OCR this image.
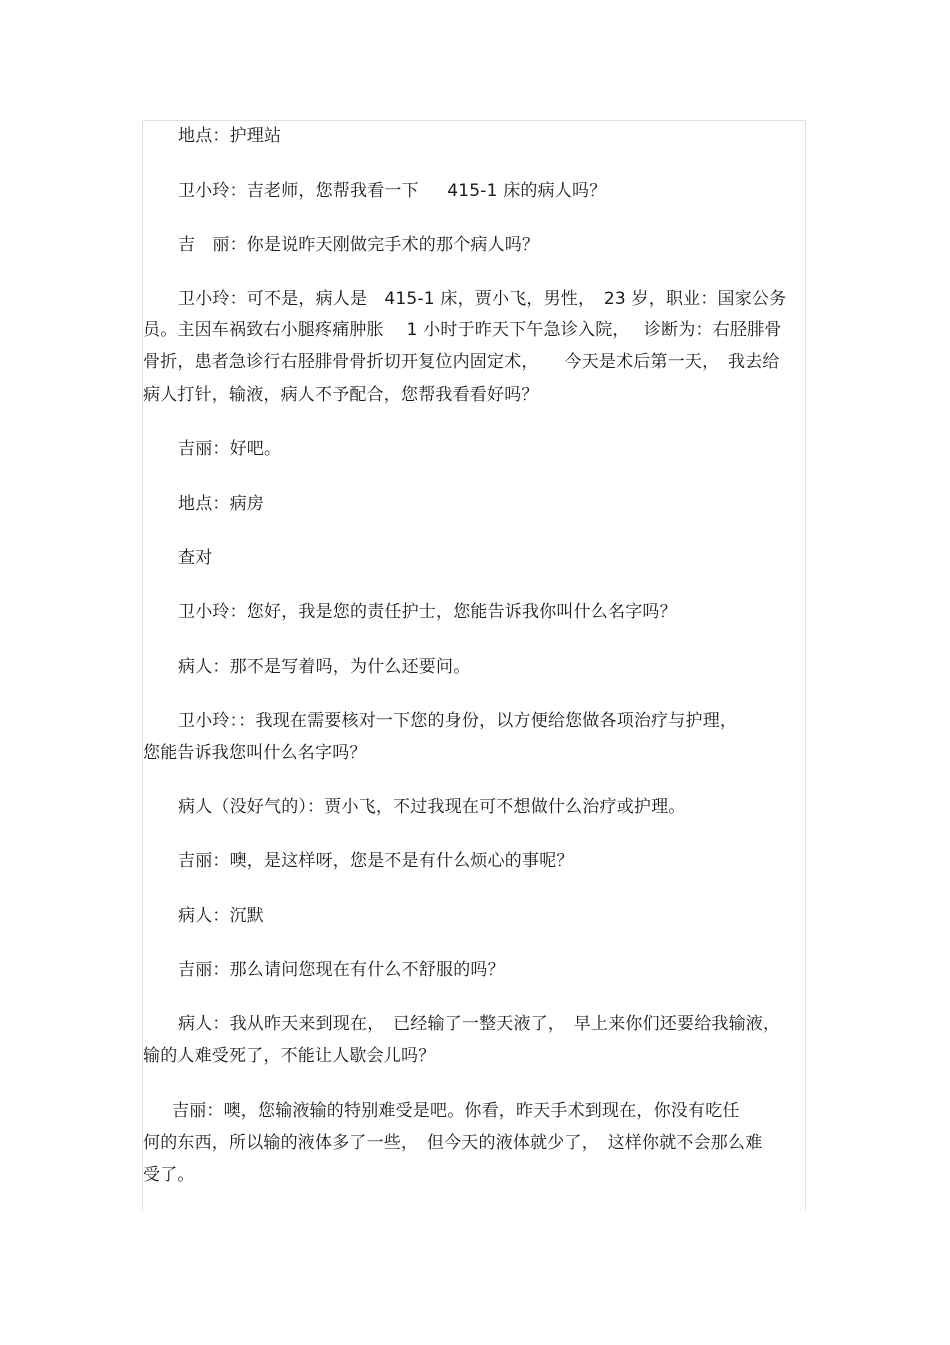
地点：护理站
卫小玲：吉老师，您帮我看一下　  415-1 床的病人吗？
吉　丽：你是说昨天刚做完手术的那个病人吗？
卫小玲：可不是，病人是　415-1 床，贾小飞，男性，　23 岁，职业：国家公务
员。主因车祸致右小腿疼痛肿胀　 1 小时于昨天下午急诊入院，　 诊断为：右胫腓骨
骨折，患者急诊行右胫腓骨骨折切开复位内固定术，　　今天是术后第一天，　我去给
病人打针，输液，病人不予配合，您帮我看看好吗？
吉丽：好吧。
地点：病房
查对
卫小玲：您好，我是您的责任护士，您能告诉我你叫什么名字吗？
病人：那不是写着吗，为什么还要问。
卫小玲：：我现在需要核对一下您的身份，以方便给您做各项治疗与护理，
您能告诉我您叫什么名字吗？
病人（没好气的）：贾小飞，不过我现在可不想做什么治疗或护理。
吉丽：噢，是这样呀，您是不是有什么烦心的事呢？
病人：沉默
吉丽：那么请问您现在有什么不舒服的吗？
病人：我从昨天来到现在，　已经输了一整天液了，　早上来你们还要给我输液，
输的人难受死了，不能让人歇会儿吗？
吉丽：噢，您输液输的特别难受是吧。你看，昨天手术到现在，你没有吃任
何的东西，所以输的液体多了一些，　但今天的液体就少了，　这样你就不会那么难
受了。
